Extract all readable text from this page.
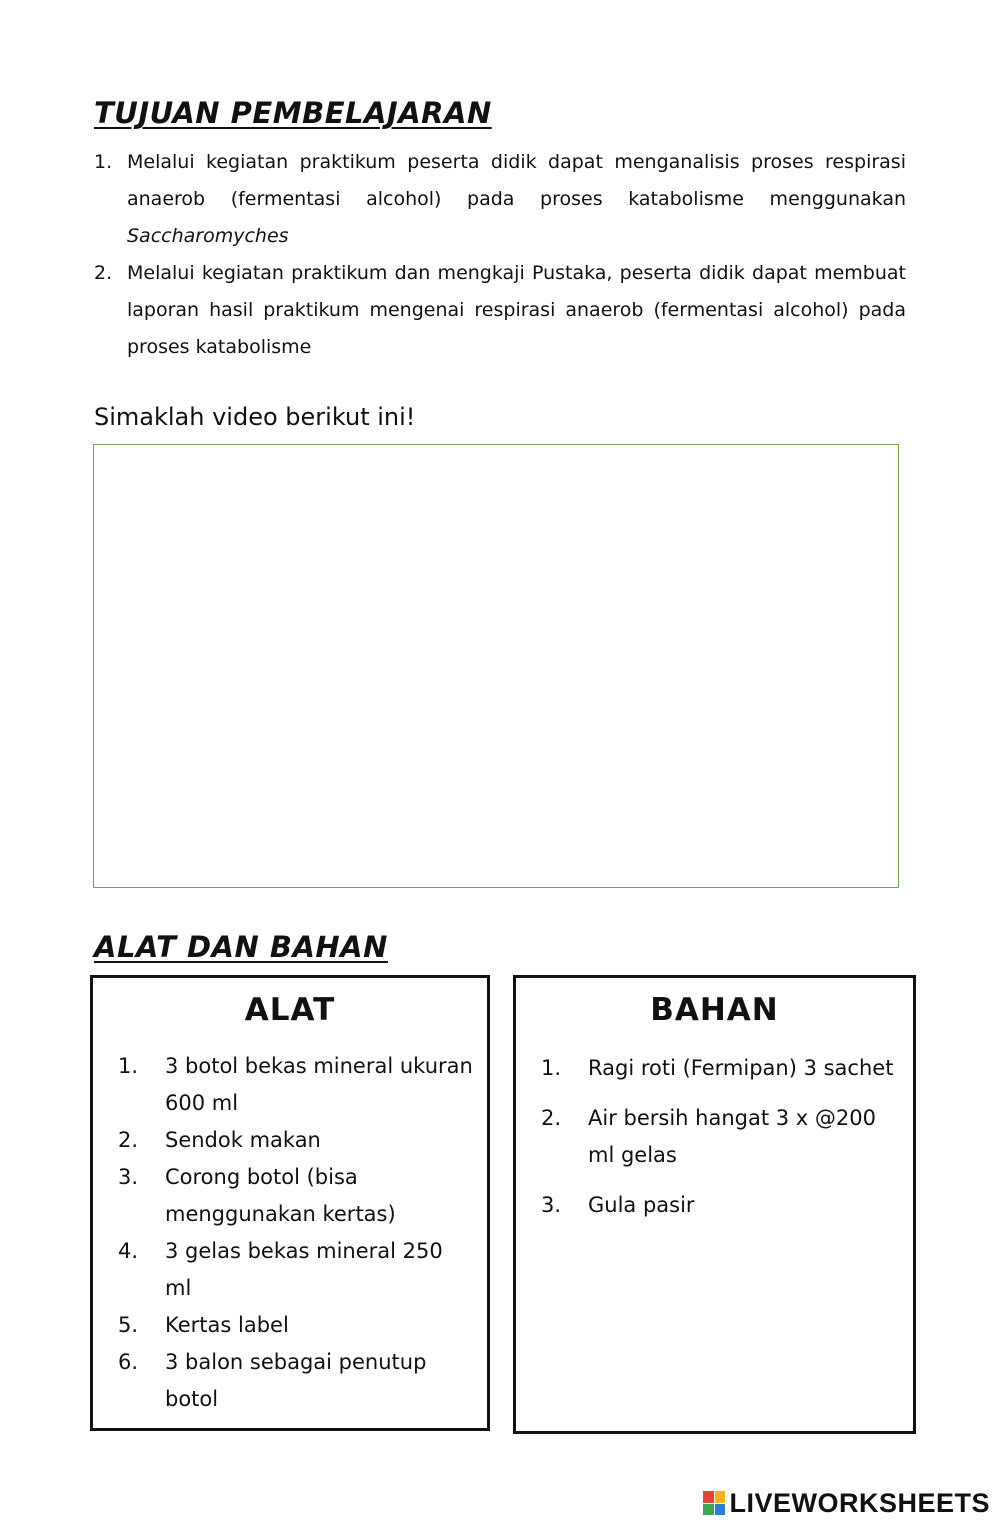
TUJUAN PEMBELAJARAN
1. Melalui kegiatan praktikum peserta didik dapat menganalisis proses respirasi anaerob (fermentasi alcohol) pada proses katabolisme menggunakan Saccharomyches
2. Melalui kegiatan praktikum dan mengkaji Pustaka, peserta didik dapat membuat laporan hasil praktikum mengenai respirasi anaerob (fermentasi alcohol) pada proses katabolisme

Simaklah video berikut ini!

ALAT DAN BAHAN
ALAT
1. 3 botol bekas mineral ukuran 600 ml
2. Sendok makan
3. Corong botol (bisa menggunakan kertas)
4. 3 gelas bekas mineral 250 ml
5. Kertas label
6. 3 balon sebagai penutup botol
BAHAN
1. Ragi roti (Fermipan) 3 sachet
2. Air bersih hangat 3 x @200 ml gelas
3. Gula pasir
LIVEWORKSHEETS
